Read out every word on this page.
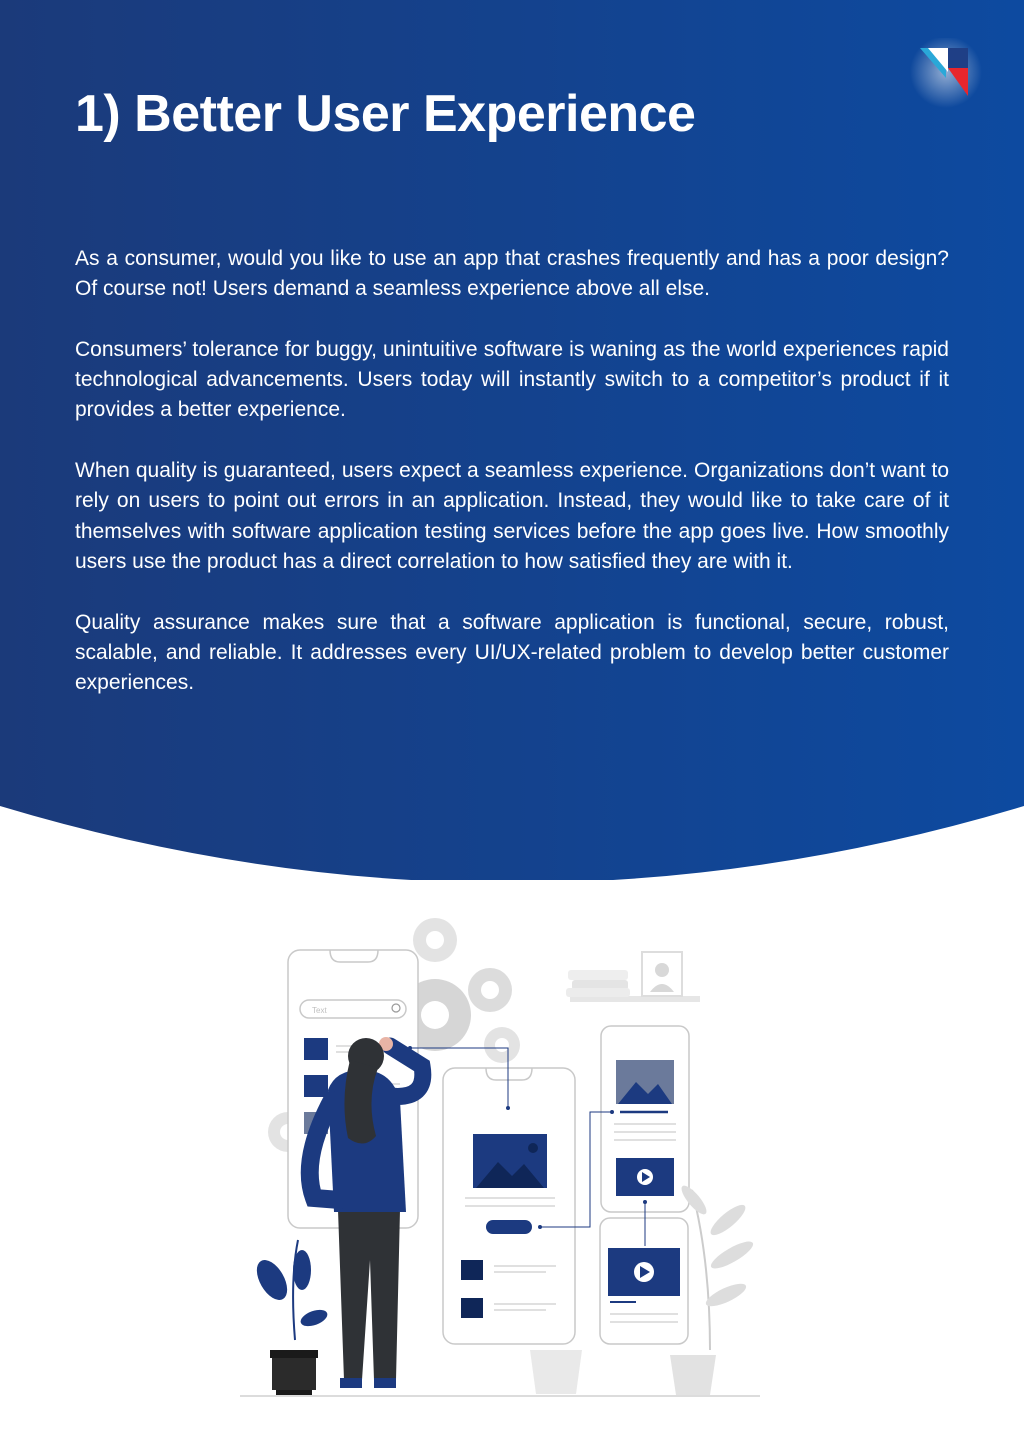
1) Better User Experience

As a consumer, would you like to use an app that crashes frequently and has a poor design? Of course not! Users demand a seamless experience above all else.

Consumers’ tolerance for buggy, unintuitive software is waning as the world experiences rapid technological advancements. Users today will instantly switch to a competitor’s product if it provides a better experience.

When quality is guaranteed, users expect a seamless experience. Organizations don’t want to rely on users to point out errors in an application. Instead, they would like to take care of it themselves with software application testing services before the app goes live. How smoothly users use the product has a direct correlation to how satisfied they are with it.

Quality assurance makes sure that a software application is functional, secure, robust, scalable, and reliable. It addresses every UI/UX-related problem to develop better customer experiences.

Text
